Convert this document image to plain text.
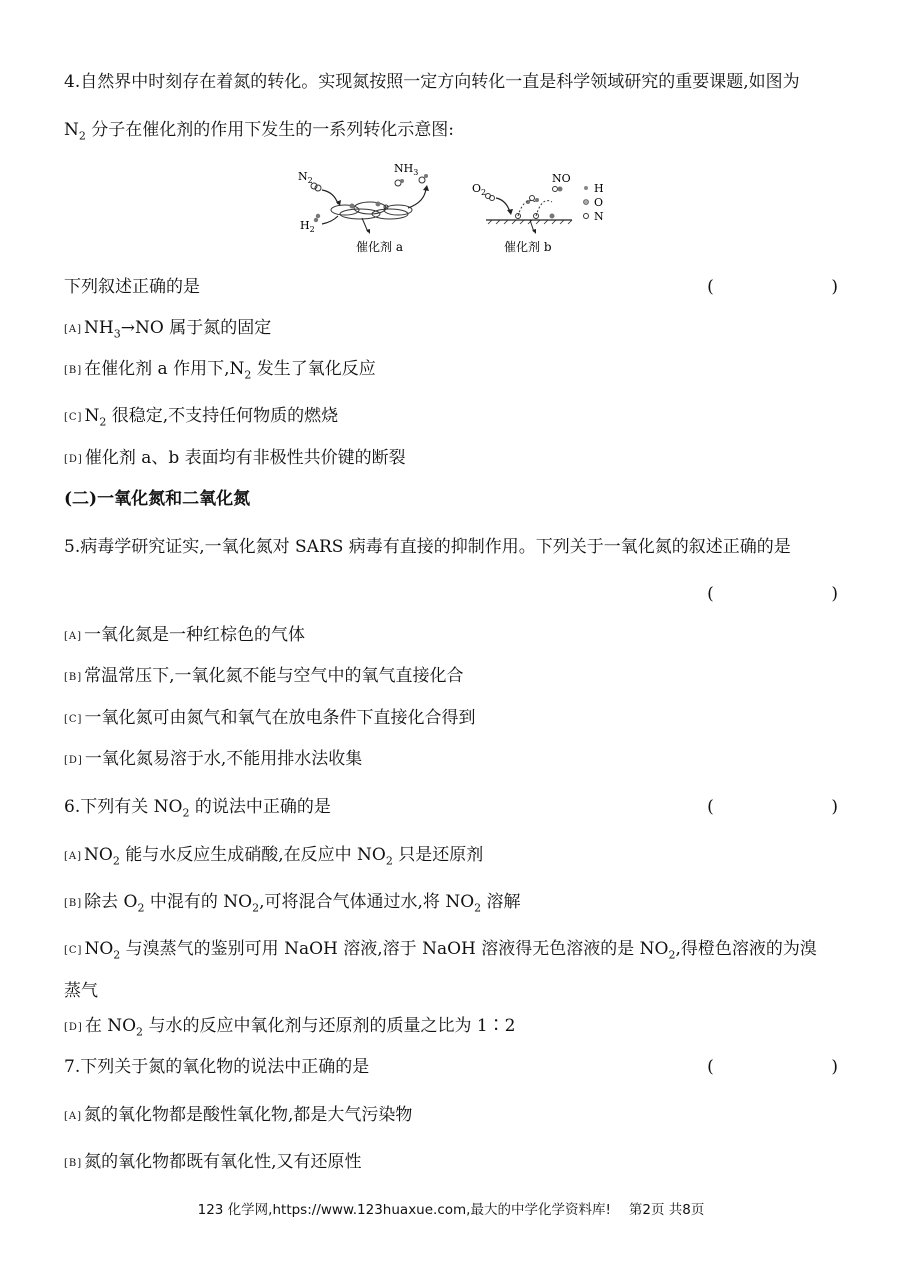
4.自然界中时刻存在着氮的转化。实现氮按照一定方向转化一直是科学领域研究的重要课题,如图为
$N_2$ 分子在催化剂的作用下发生的一系列转化示意图:
$N_2$
$NH_3$
$H_2$
催化剂 a
$O_2$
NO
催化剂 b
H
O
N
下列叙述正确的是	(    )
[A] $NH_3\to NO$ 属于氮的固定
[B] 在催化剂 a 作用下$,N_2$ 发生了氧化反应
[C] $N_2$ 很稳定,不支持任何物质的燃烧
[D] 催化剂 a、b 表面均有非极性共价键的断裂
(二)一氧化氮和二氧化氮
5.病毒学研究证实,一氧化氮对 SARS 病毒有直接的抑制作用。下列关于一氧化氮的叙述正确的是
(    )
[A] 一氧化氮是一种红棕色的气体
[B] 常温常压下,一氧化氮不能与空气中的氧气直接化合
[C] 一氧化氮可由氮气和氧气在放电条件下直接化合得到
[D] 一氧化氮易溶于水,不能用排水法收集
6.下列有关 $NO_2$ 的说法中正确的是	(    )
[A] $NO_2$ 能与水反应生成硝酸,在反应中 $NO_2$ 只是还原剂
[B] 除去 $O_2$ 中混有的 $NO_2$,可将混合气体通过水,将 $NO_2$ 溶解
[C] $NO_2$ 与溴蒸气的鉴别可用 NaOH 溶液,溶于 NaOH 溶液得无色溶液的是 $NO_2$,得橙色溶液的为溴
蒸气
[D] 在 $NO_2$ 与水的反应中氧化剂与还原剂的质量之比为 1∶2
7.下列关于氮的氧化物的说法中正确的是	(    )
[A] 氮的氧化物都是酸性氧化物,都是大气污染物
[B] 氮的氧化物都既有氧化性,又有还原性
123 化学网,https://www.123huaxue.com,最大的中学化学资料库! 第2页 共8页
